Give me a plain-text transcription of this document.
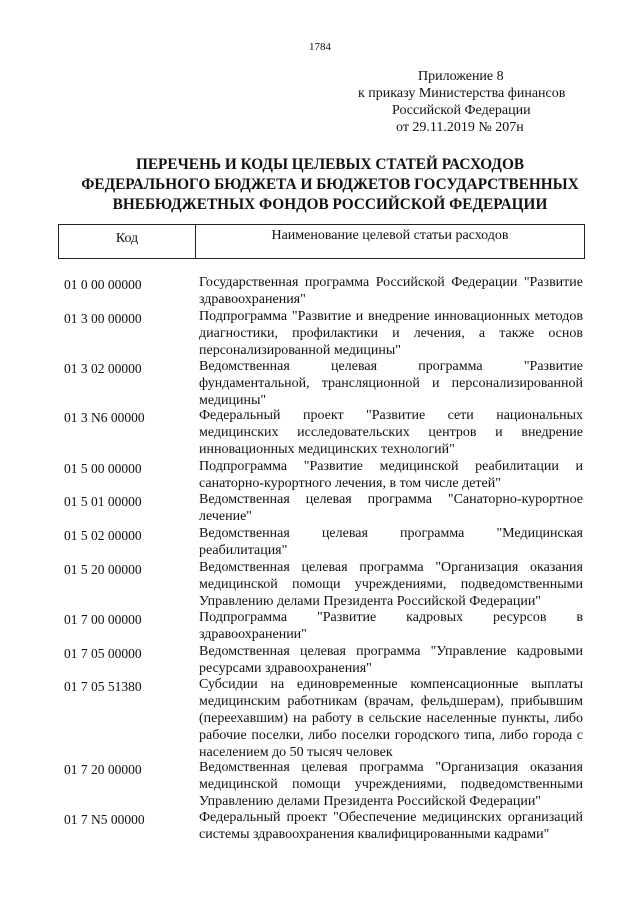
1784
Приложение 8
к приказу Министерства финансов
Российской Федерации
от 29.11.2019 № 207н
ПЕРЕЧЕНЬ И КОДЫ ЦЕЛЕВЫХ СТАТЕЙ РАСХОДОВ
ФЕДЕРАЛЬНОГО БЮДЖЕТА И БЮДЖЕТОВ ГОСУДАРСТВЕННЫХ
ВНЕБЮДЖЕТНЫХ ФОНДОВ РОССИЙСКОЙ ФЕДЕРАЦИИ
Код	Наименование целевой статьи расходов
01 0 00 00000	Государственная программа Российской Федерации "Развитие здравоохранения"
01 3 00 00000	Подпрограмма "Развитие и внедрение инновационных методов диагностики, профилактики и лечения, а также основ персонализированной медицины"
01 3 02 00000	Ведомственная целевая программа "Развитие фундаментальной, трансляционной и персонализированной медицины"
01 3 N6 00000	Федеральный проект "Развитие сети национальных медицинских исследовательских центров и внедрение инновационных медицинских технологий"
01 5 00 00000	Подпрограмма "Развитие медицинской реабилитации и санаторно-курортного лечения, в том числе детей"
01 5 01 00000	Ведомственная целевая программа "Санаторно-курортное лечение"
01 5 02 00000	Ведомственная целевая программа "Медицинская реабилитация"
01 5 20 00000	Ведомственная целевая программа "Организация оказания медицинской помощи учреждениями, подведомственными Управлению делами Президента Российской Федерации"
01 7 00 00000	Подпрограмма "Развитие кадровых ресурсов в здравоохранении"
01 7 05 00000	Ведомственная целевая программа "Управление кадровыми ресурсами здравоохранения"
01 7 05 51380	Субсидии на единовременные компенсационные выплаты медицинским работникам (врачам, фельдшерам), прибывшим (переехавшим) на работу в сельские населенные пункты, либо рабочие поселки, либо поселки городского типа, либо города с населением до 50 тысяч человек
01 7 20 00000	Ведомственная целевая программа "Организация оказания медицинской помощи учреждениями, подведомственными Управлению делами Президента Российской Федерации"
01 7 N5 00000	Федеральный проект "Обеспечение медицинских организаций системы здравоохранения квалифицированными кадрами"
